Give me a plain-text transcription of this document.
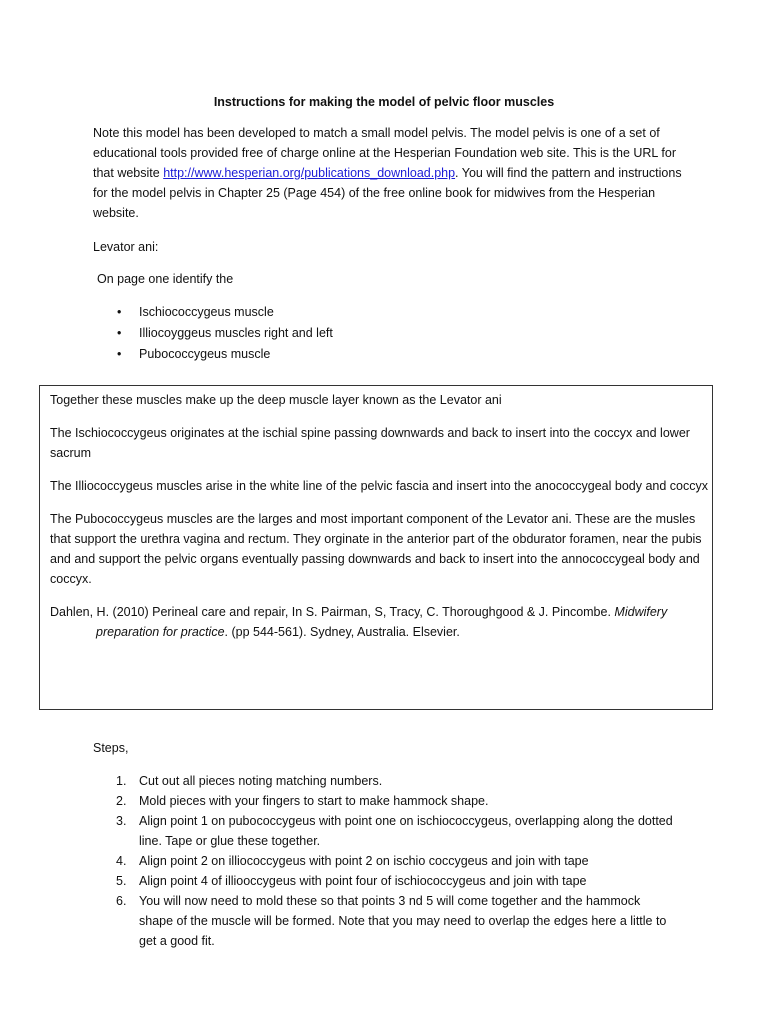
Instructions for making the model of pelvic floor muscles

Note this model has been developed to match a small model pelvis. The model pelvis is one of a set of educational tools provided free of charge online at the Hesperian Foundation web site. This is the URL for that website http://www.hesperian.org/publications_download.php. You will find the pattern and instructions for the model pelvis in Chapter 25 (Page 454) of the free online book for midwives from the Hesperian website.

Levator ani:
On page one identify the
• Ischiococcygeus muscle
• Illiocoyggeus muscles right and left
• Pubococcygeus muscle

Together these muscles make up the deep muscle layer known as the Levator ani

The Ischiococcygeus originates at the ischial spine passing downwards and back to insert into the coccyx and lower sacrum

The Illiococcygeus muscles arise in the white line of the pelvic fascia and insert into the anococcygeal body and coccyx

The Pubococcygeus muscles are the larges and most important component of the Levator ani. These are the musles that support the urethra vagina and rectum. They orginate in the anterior part of the obdurator foramen, near the pubis and and support the pelvic organs eventually passing downwards and back to insert into the annococcygeal body and coccyx.

Dahlen, H. (2010) Perineal care and repair, In S. Pairman, S, Tracy, C. Thoroughgood & J. Pincombe. Midwifery preparation for practice. (pp 544-561). Sydney, Australia. Elsevier.

Steps,
1. Cut out all pieces noting matching numbers.
2. Mold pieces with your fingers to start to make hammock shape.
3. Align point 1 on pubococcygeus with point one on ischiococcygeus, overlapping along the dotted line. Tape or glue these together.
4. Align point 2 on illiococcygeus with point 2 on ischio coccygeus and join with tape
5. Align point 4 of illiooccygeus with point four of ischiococcygeus and join with tape
6. You will now need to mold these so that points 3 nd 5 will come together and the hammock shape of the muscle will be formed. Note that you may need to overlap the edges here a little to get a good fit.
